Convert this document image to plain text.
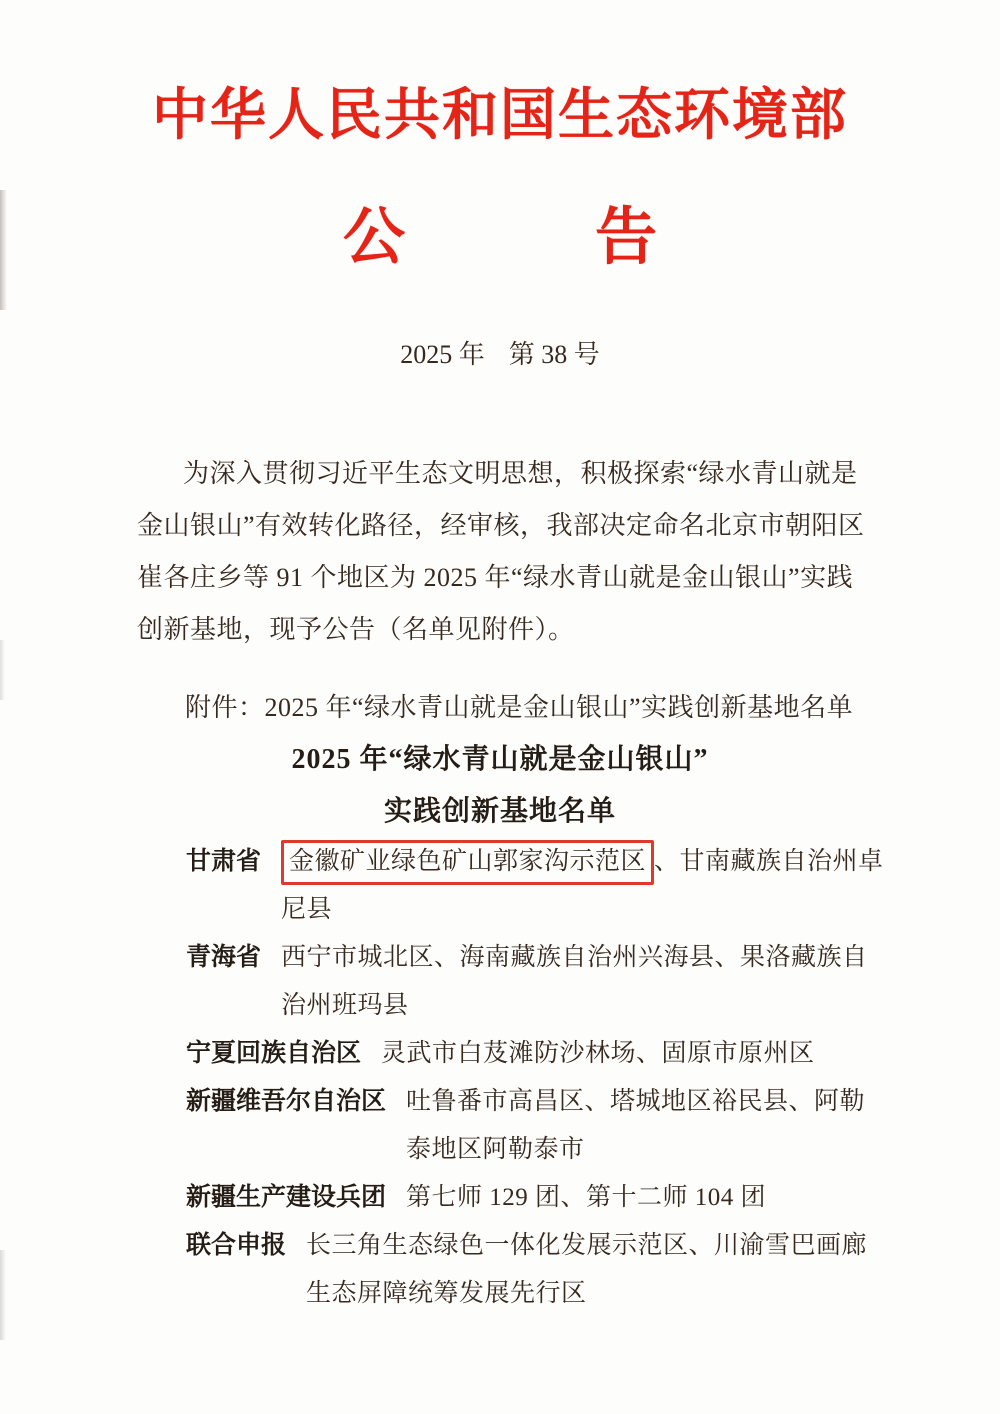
中华人民共和国生态环境部
公	告
2025 年 第 38 号
为深入贯彻习近平生态文明思想，积极探索“绿水青山就是
金山银山”有效转化路径，经审核，我部决定命名北京市朝阳区
崔各庄乡等 91 个地区为 2025 年“绿水青山就是金山银山”实践
创新基地，现予公告（名单见附件）。
附件：2025 年“绿水青山就是金山银山”实践创新基地名单
2025 年“绿水青山就是金山银山”
实践创新基地名单
甘肃省	金徽矿业绿色矿山郭家沟示范区 、甘南藏族自治州卓
尼县
青海省 西宁市城北区、海南藏族自治州兴海县、果洛藏族自
治州班玛县
宁夏回族自治区 灵武市白芨滩防沙林场、固原市原州区
新疆维吾尔自治区 吐鲁番市高昌区、塔城地区裕民县、阿勒
泰地区阿勒泰市
新疆生产建设兵团 第七师 129 团、第十二师 104 团
联合申报 长三角生态绿色一体化发展示范区、川渝雪巴画廊
生态屏障统筹发展先行区
